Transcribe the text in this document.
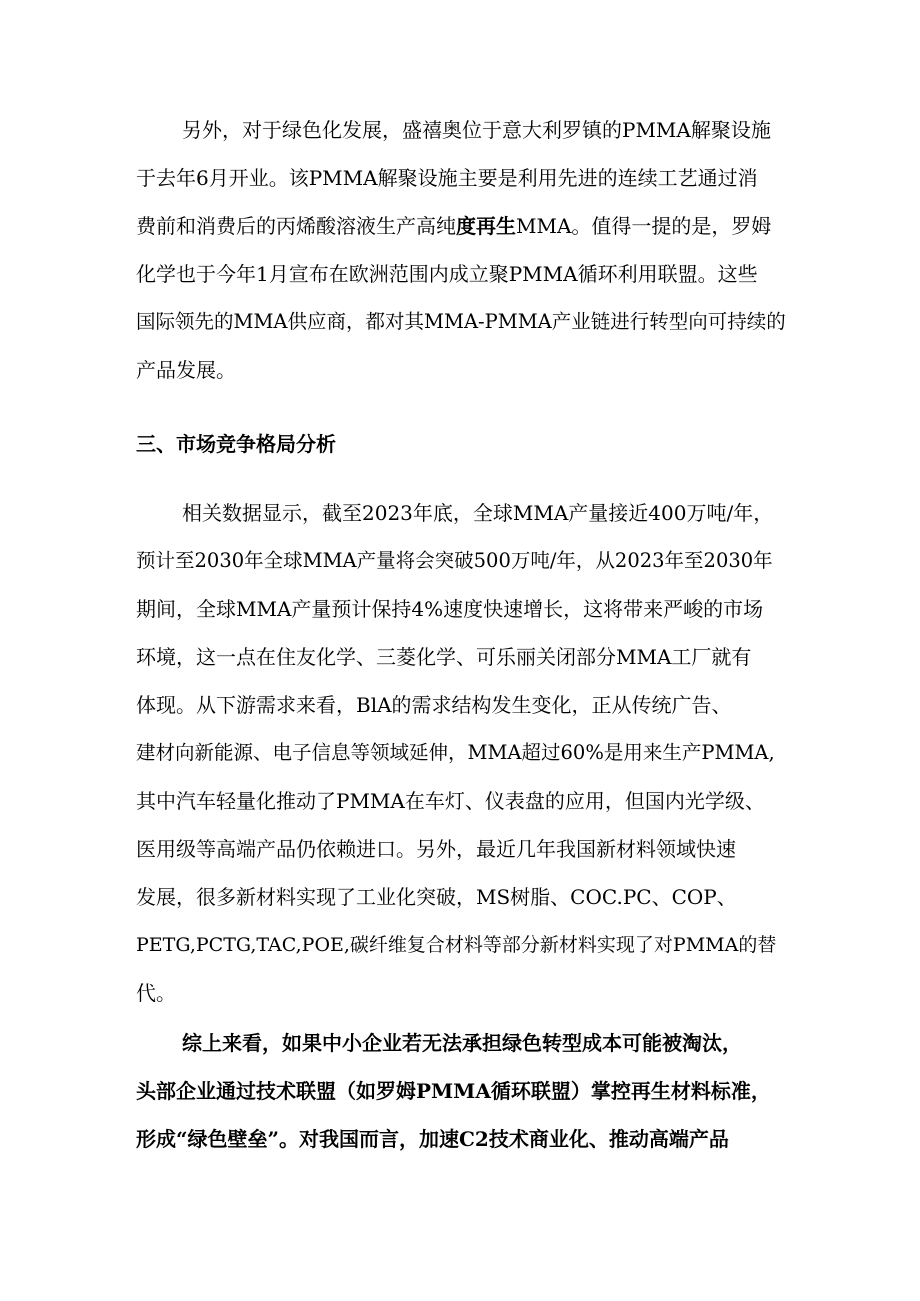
另外，对于绿色化发展，盛禧奥位于意大利罗镇的PMMA解聚设施
于去年6月开业。该PMMA解聚设施主要是利用先进的连续工艺通过消
费前和消费后的丙烯酸溶液生产高纯度再生MMA。值得一提的是，罗姆
化学也于今年1月宣布在欧洲范围内成立聚PMMA循环利用联盟。这些
国际领先的MMA供应商，都对其MMA-PMMA产业链进行转型向可持续的
产品发展。
三、市场竞争格局分析
相关数据显示，截至2023年底，全球MMA产量接近400万吨/年，
预计至2030年全球MMA产量将会突破500万吨/年，从2023年至2030年
期间，全球MMA产量预计保持4%速度快速增长，这将带来严峻的市场
环境，这一点在住友化学、三菱化学、可乐丽关闭部分MMA工厂就有
体现。从下游需求来看，BlA的需求结构发生变化，正从传统广告、
建材向新能源、电子信息等领域延伸，MMA超过60%是用来生产PMMA,
其中汽车轻量化推动了PMMA在车灯、仪表盘的应用，但国内光学级、
医用级等高端产品仍依赖进口。另外，最近几年我国新材料领域快速
发展，很多新材料实现了工业化突破，MS树脂、COC.PC、COP、
PETG,PCTG,TAC,POE,碳纤维复合材料等部分新材料实现了对PMMA的替
代。
综上来看，如果中小企业若无法承担绿色转型成本可能被淘汰，
头部企业通过技术联盟（如罗姆PMMA循环联盟）掌控再生材料标准，
形成“绿色壁垒”。对我国而言，加速C2技术商业化、推动高端产品
